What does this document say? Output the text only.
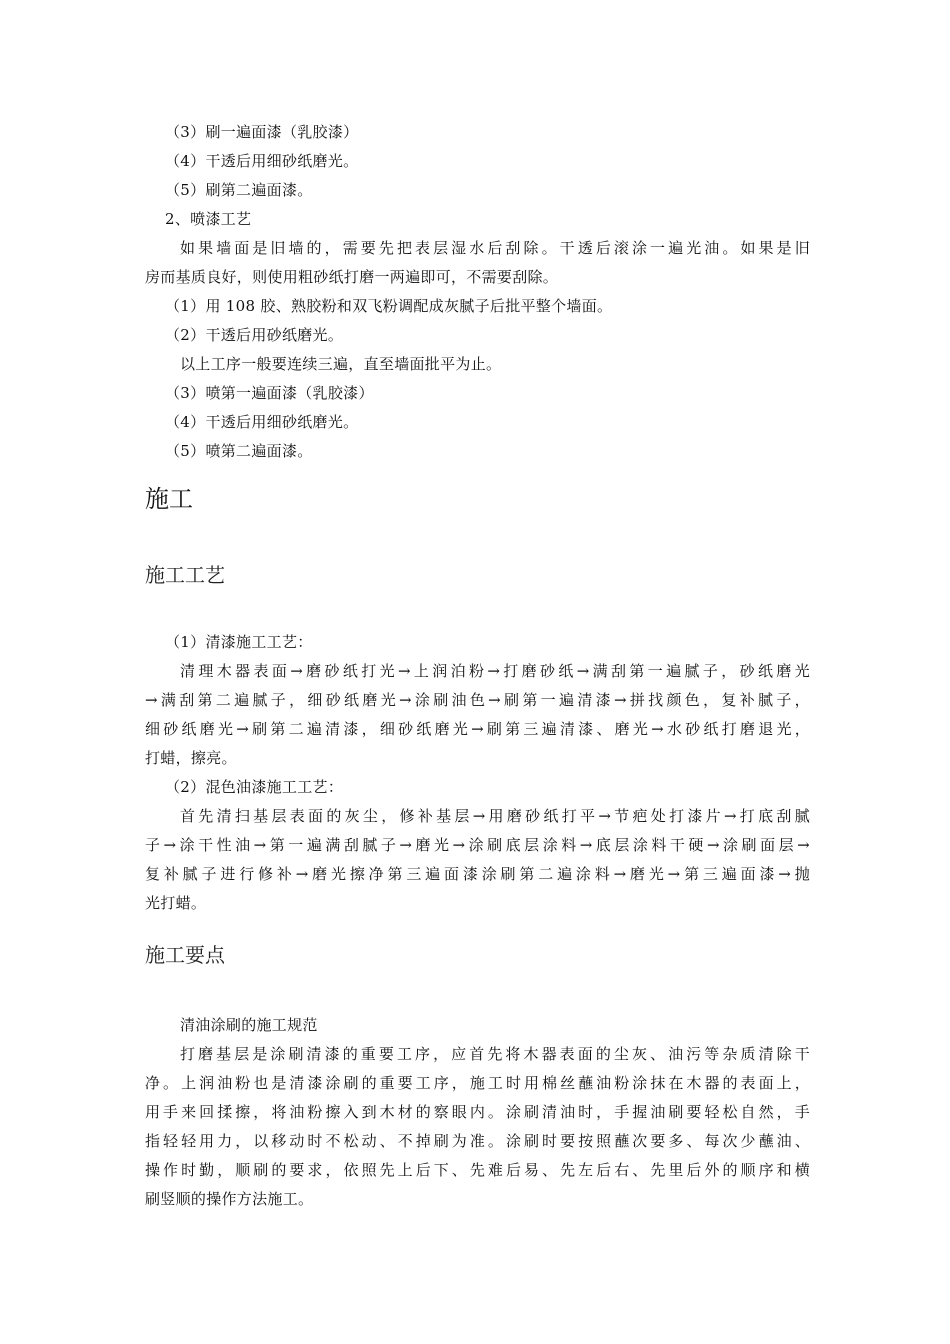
（3）刷一遍面漆（乳胶漆）
（4）干透后用细砂纸磨光。
（5）刷第二遍面漆。
2、喷漆工艺
如果墙面是旧墙的，需要先把表层湿水后刮除。干透后滚涂一遍光油。如果是旧
房而基质良好，则使用粗砂纸打磨一两遍即可，不需要刮除。
（1）用 108 胶、熟胶粉和双飞粉调配成灰腻子后批平整个墙面。
（2）干透后用砂纸磨光。
以上工序一般要连续三遍，直至墙面批平为止。
（3）喷第一遍面漆（乳胶漆）
（4）干透后用细砂纸磨光。
（5）喷第二遍面漆。
施工
施工工艺
（1）清漆施工工艺：
清理木器表面→磨砂纸打光→上润泊粉→打磨砂纸→满刮第一遍腻子，砂纸磨光
→满刮第二遍腻子，细砂纸磨光→涂刷油色→刷第一遍清漆→拼找颜色，复补腻子，
细砂纸磨光→刷第二遍清漆，细砂纸磨光→刷第三遍清漆、磨光→水砂纸打磨退光，
打蜡，擦亮。
（2）混色油漆施工工艺：
首先清扫基层表面的灰尘，修补基层→用磨砂纸打平→节疤处打漆片→打底刮腻
子→涂干性油→第一遍满刮腻子→磨光→涂刷底层涂料→底层涂料干硬→涂刷面层→
复补腻子进行修补→磨光擦净第三遍面漆涂刷第二遍涂料→磨光→第三遍面漆→抛
光打蜡。
施工要点
清油涂刷的施工规范
打磨基层是涂刷清漆的重要工序，应首先将木器表面的尘灰、油污等杂质清除干
净。上润油粉也是清漆涂刷的重要工序，施工时用棉丝蘸油粉涂抹在木器的表面上，
用手来回揉擦，将油粉擦入到木材的察眼内。涂刷清油时，手握油刷要轻松自然，手
指轻轻用力，以移动时不松动、不掉刷为准。涂刷时要按照蘸次要多、每次少蘸油、
操作时勤，顺刷的要求，依照先上后下、先难后易、先左后右、先里后外的顺序和横
刷竖顺的操作方法施工。
